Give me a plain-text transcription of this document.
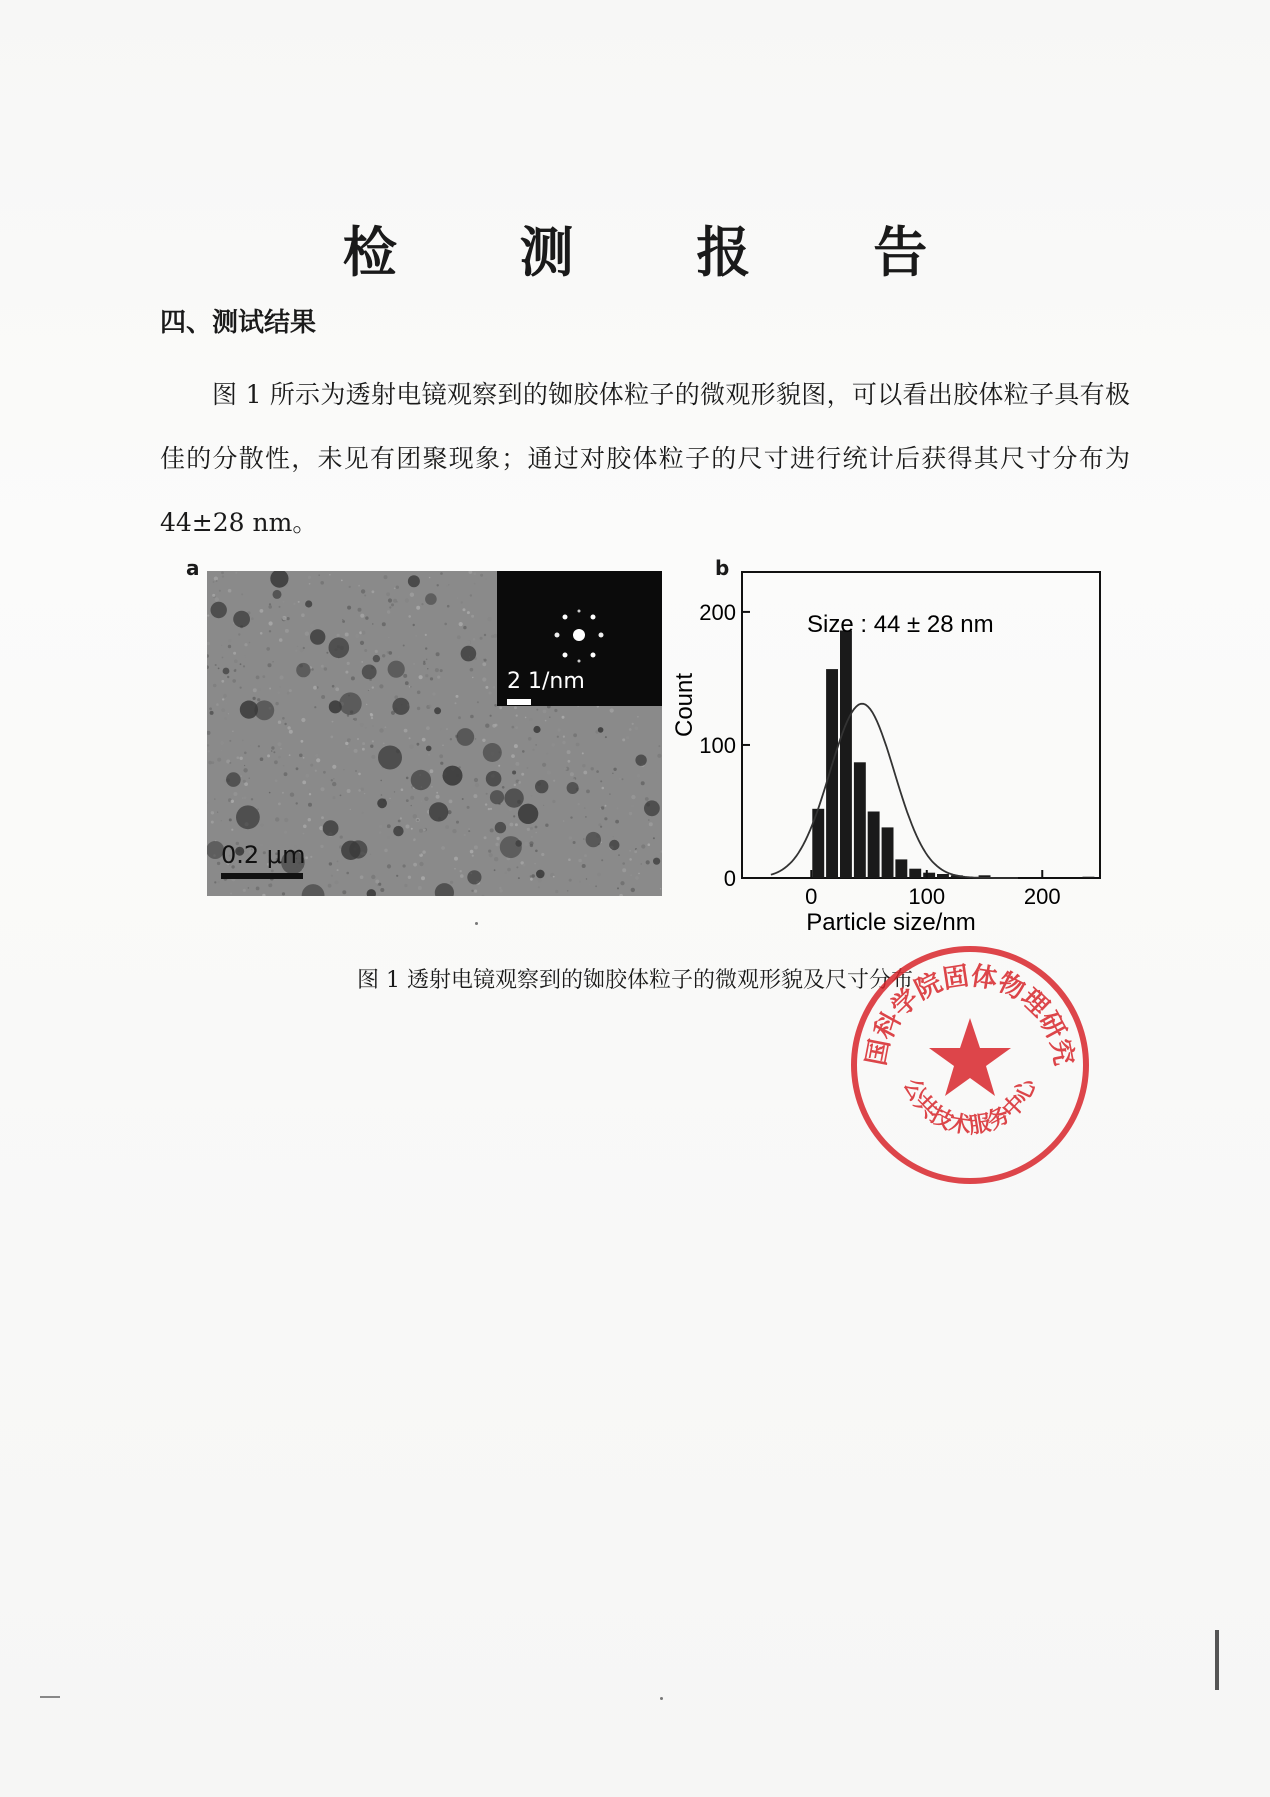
检 测 报 告
四、测试结果
图 1 所示为透射电镜观察到的铷胶体粒子的微观形貌图，可以看出胶体粒子具有极佳的分散性，未见有团聚现象；通过对胶体粒子的尺寸进行统计后获得其尺寸分布为 44±28 nm。
a
2 1/nm
0.2 μm
b
0
100
200
0	100	200
Particle size/nm
Count
Size : 44 ± 28 nm
图 1 透射电镜观察到的铷胶体粒子的微观形貌及尺寸分布
国科学院固体物理研究
公共技术服务中心
